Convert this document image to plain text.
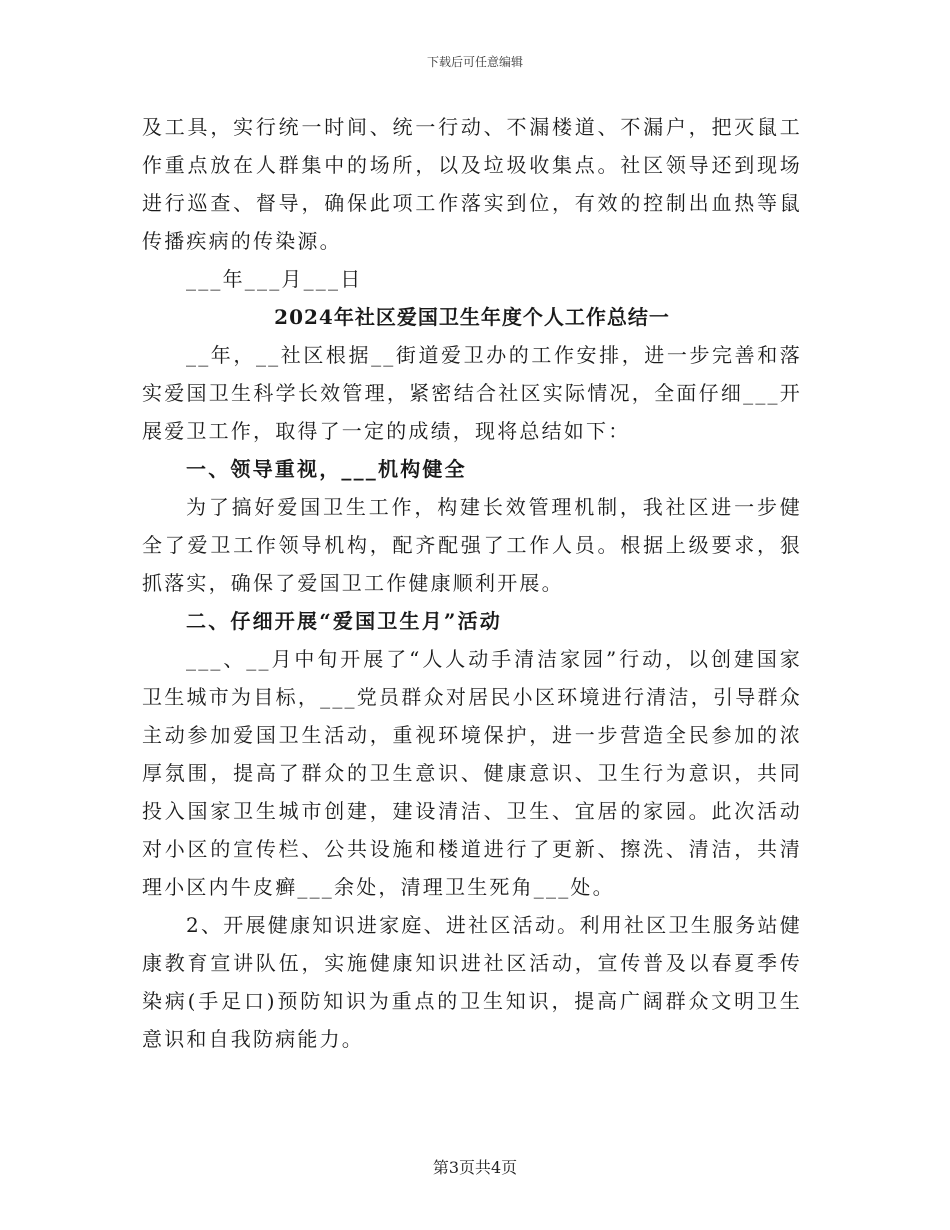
下载后可任意编辑

及工具，实行统一时间、统一行动、不漏楼道、不漏户，把灭鼠工作重点放在人群集中的场所，以及垃圾收集点。社区领导还到现场进行巡查、督导，确保此项工作落实到位，有效的控制出血热等鼠传播疾病的传染源。

___年___月___日

2024年社区爱国卫生年度个人工作总结一

__年，__社区根据__街道爱卫办的工作安排，进一步完善和落实爱国卫生科学长效管理，紧密结合社区实际情况，全面仔细___开展爱卫工作，取得了一定的成绩，现将总结如下：

一、领导重视，___机构健全

为了搞好爱国卫生工作，构建长效管理机制，我社区进一步健全了爱卫工作领导机构，配齐配强了工作人员。根据上级要求，狠抓落实，确保了爱国卫工作健康顺利开展。

二、仔细开展“爱国卫生月”活动

___、__月中旬开展了“人人动手清洁家园”行动，以创建国家卫生城市为目标，___党员群众对居民小区环境进行清洁，引导群众主动参加爱国卫生活动，重视环境保护，进一步营造全民参加的浓厚氛围，提高了群众的卫生意识、健康意识、卫生行为意识，共同投入国家卫生城市创建，建设清洁、卫生、宜居的家园。此次活动对小区的宣传栏、公共设施和楼道进行了更新、擦洗、清洁，共清理小区内牛皮癣___余处，清理卫生死角___处。

2、开展健康知识进家庭、进社区活动。利用社区卫生服务站健康教育宣讲队伍，实施健康知识进社区活动，宣传普及以春夏季传染病(手足口)预防知识为重点的卫生知识，提高广阔群众文明卫生意识和自我防病能力。

第3页共4页
